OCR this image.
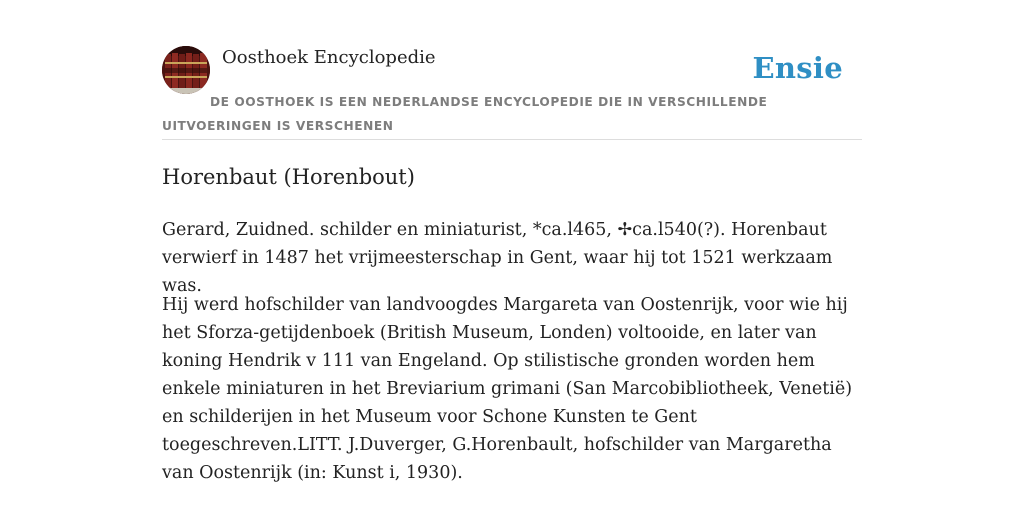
Oosthoek Encyclopedie	Ensie
DE OOSTHOEK IS EEN NEDERLANDSE ENCYCLOPEDIE DIE IN VERSCHILLENDE UITVOERINGEN IS VERSCHENEN
Horenbaut (Horenbout)

Gerard, Zuidned. schilder en miniaturist, *ca.l465, ✢ca.l540(?). Horenbaut verwierf in 1487 het vrijmeesterschap in Gent, waar hij tot 1521 werkzaam was.

Hij werd hofschilder van landvoogdes Margareta van Oostenrijk, voor wie hij het Sforza-getijdenboek (British Museum, Londen) voltooide, en later van koning Hendrik v 111 van Engeland. Op stilistische gronden worden hem enkele miniaturen in het Breviarium grimani (San Marcobibliotheek, Venetië) en schilderijen in het Museum voor Schone Kunsten te Gent toegeschreven.LITT. J.Duverger, G.Horenbault, hofschilder van Margaretha van Oostenrijk (in: Kunst i, 1930).
